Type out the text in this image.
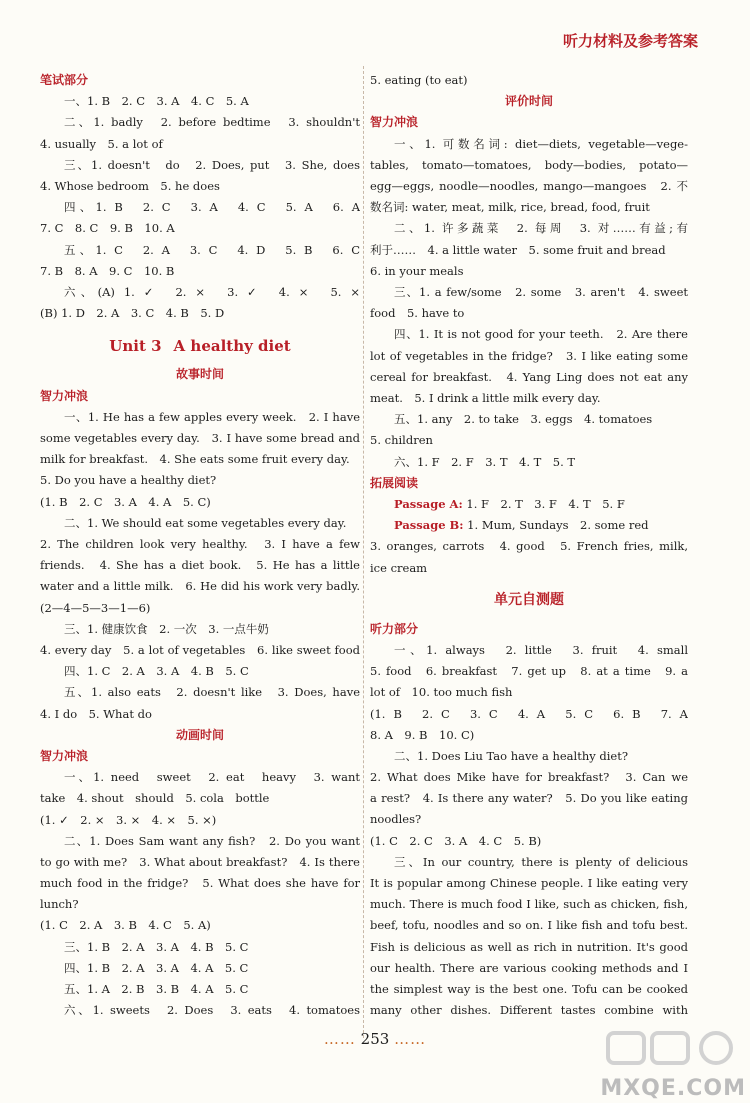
听力材料及参考答案
笔试部分
一、1. B　2. C　3. A　4. C　5. A
二、1. badly　2. before bedtime　3. shouldn't
4. usually　5. a lot of
三、1. doesn't　do　2. Does, put　3. She, does
4. Whose bedroom　5. he does
四、1. B　2. C　3. A　4. C　5. A　6. A
7. C　8. C　9. B　10. A
五、1. C　2. A　3. C　4. D　5. B　6. C
7. B　8. A　9. C　10. B
六、(A) 1. ✓　2. ×　3. ✓　4. ×　5. ×
(B) 1. D　2. A　3. C　4. B　5. D
Unit 3 A healthy diet
故事时间
智力冲浪
一、1. He has a few apples every week.　2. I have
some vegetables every day.　3. I have some bread and
milk for breakfast.　4. She eats some fruit every day.
5. Do you have a healthy diet?
(1. B　2. C　3. A　4. A　5. C)
二、1. We should eat some vegetables every day.
2. The children look very healthy.　3. I have a few
friends.　4. She has a diet book.　5. He has a little
water and a little milk.　6. He did his work very badly.
(2—4—5—3—1—6)
三、1. 健康饮食　2. 一次　3. 一点牛奶
4. every day　5. a lot of vegetables　6. like sweet food
四、1. C　2. A　3. A　4. B　5. C
五、1. also eats　2. doesn't like　3. Does, have
4. I do　5. What do
动画时间
智力冲浪
一、1. need　sweet　2. eat　heavy　3. want
take　4. shout　should　5. cola　bottle
(1. ✓　2. ×　3. ×　4. ×　5. ×)
二、1. Does Sam want any fish?　2. Do you want
to go with me?　3. What about breakfast?　4. Is there
much food in the fridge?　5. What does she have for
lunch?
(1. C　2. A　3. B　4. C　5. A)
三、1. B　2. A　3. A　4. B　5. C
四、1. B　2. A　3. A　4. A　5. C
五、1. A　2. B　3. B　4. A　5. C
六、1. sweets　2. Does　3. eats　4. tomatoes
5. eating (to eat)
评价时间
智力冲浪
一、1. 可数名词: diet—diets, vegetable—vege-
tables, tomato—tomatoes, body—bodies, potato—
egg—eggs, noodle—noodles, mango—mangoes　2. 不
数名词: water, meat, milk, rice, bread, food, fruit
二、1. 许多蔬菜　2. 每周　3. 对……有益;有
利于……　4. a little water　5. some fruit and bread
6. in your meals
三、1. a few/some　2. some　3. aren't　4. sweet
food　5. have to
四、1. It is not good for your teeth.　2. Are there
lot of vegetables in the fridge?　3. I like eating some
cereal for breakfast.　4. Yang Ling does not eat any
meat.　5. I drink a little milk every day.
五、1. any　2. to take　3. eggs　4. tomatoes
5. children
六、1. F　2. F　3. T　4. T　5. T
拓展阅读
Passage A: 1. F　2. T　3. F　4. T　5. F
Passage B: 1. Mum, Sundays　2. some red
3. oranges, carrots　4. good　5. French fries, milk,
ice cream
单元自测题
听力部分
一、1. always　2. little　3. fruit　4. small
5. food　6. breakfast　7. get up　8. at a time　9. a
lot of　10. too much fish
(1. B　2. C　3. C　4. A　5. C　6. B　7. A
8. A　9. B　10. C)
二、1. Does Liu Tao have a healthy diet?
2. What does Mike have for breakfast?　3. Can we
a rest?　4. Is there any water?　5. Do you like eating
noodles?
(1. C　2. C　3. A　4. C　5. B)
三、In our country, there is plenty of delicious
It is popular among Chinese people. I like eating very
much. There is much food I like, such as chicken, fish,
beef, tofu, noodles and so on. I like fish and tofu best.
Fish is delicious as well as rich in nutrition. It's good
our health. There are various cooking methods and I
the simplest way is the best one. Tofu can be cooked
many other dishes. Different tastes combine with
…… 253 ……
MXQE.COM
